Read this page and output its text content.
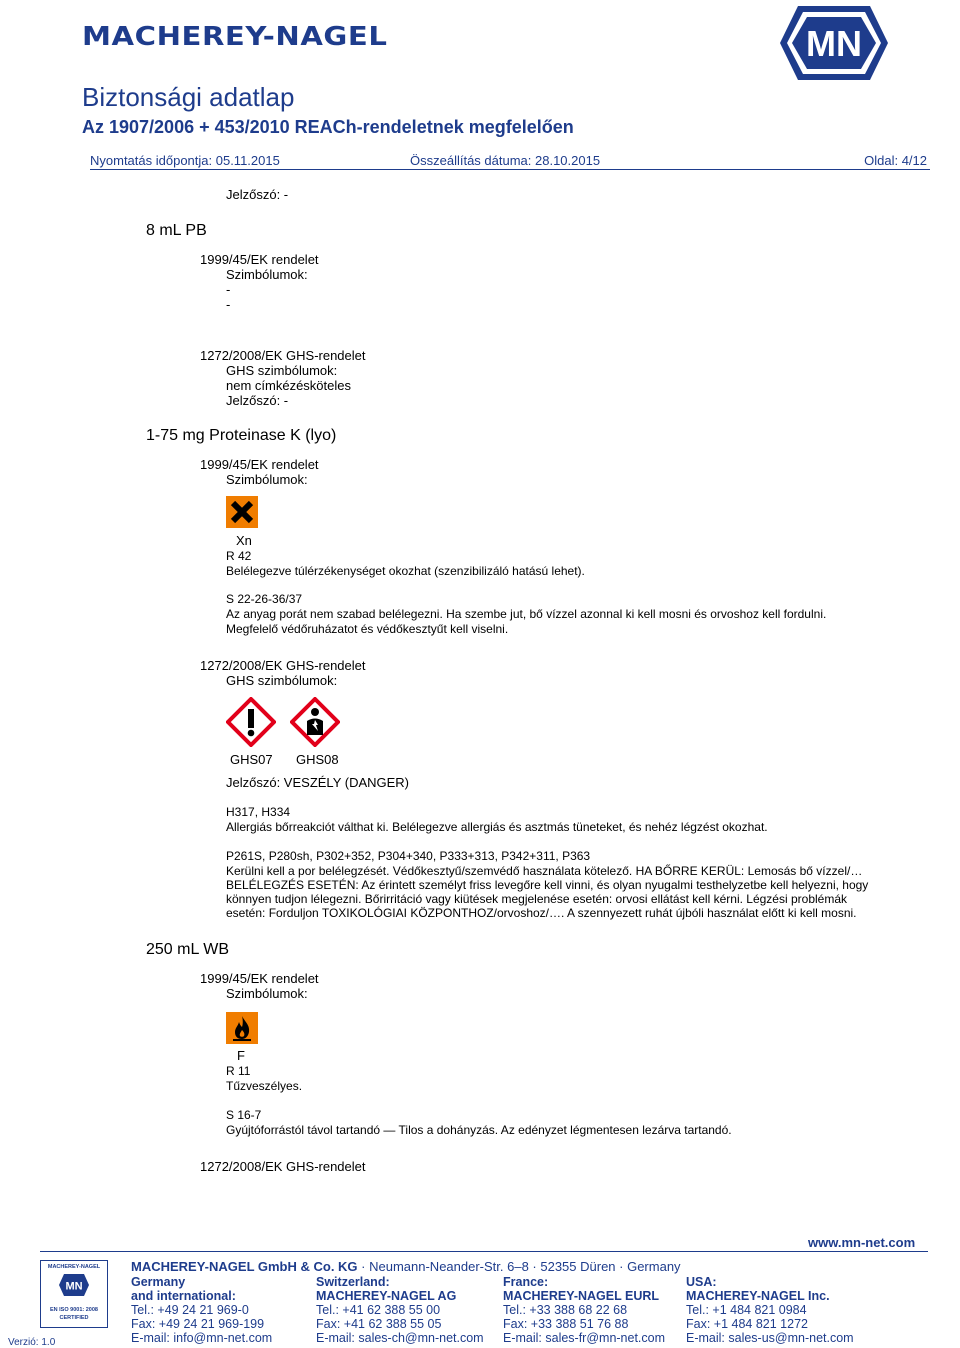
MACHEREY-NAGEL	MN
Biztonsági adatlap
Az 1907/2006 + 453/2010 REACh-rendeletnek megfelelően
Nyomtatás időpontja: 05.11.2015	Összeállítás dátuma: 28.10.2015	Oldal: 4/12
Jelzőszó: -
8 mL PB
1999/45/EK rendelet
Szimbólumok:
-
-
1272/2008/EK GHS-rendelet
GHS szimbólumok:
nem címkézésköteles
Jelzőszó: -
1-75 mg Proteinase K (lyo)
1999/45/EK rendelet
Szimbólumok:
Xn
R 42
Belélegezve túlérzékenységet okozhat (szenzibilizáló hatású lehet).
S 22-26-36/37
Az anyag porát nem szabad belélegezni. Ha szembe jut, bő vízzel azonnal ki kell mosni és orvoshoz kell fordulni.
Megfelelő védőruházatot és védőkesztyűt kell viselni.
1272/2008/EK GHS-rendelet
GHS szimbólumok:
GHS07 GHS08
Jelzőszó: VESZÉLY (DANGER)
H317, H334
Allergiás bőrreakciót válthat ki. Belélegezve allergiás és asztmás tüneteket, és nehéz légzést okozhat.
P261S, P280sh, P302+352, P304+340, P333+313, P342+311, P363
Kerülni kell a por belélegzését. Védőkesztyű/szemvédő használata kötelező. HA BŐRRE KERÜL: Lemosás bő vízzel/…
BELÉLEGZÉS ESETÉN: Az érintett személyt friss levegőre kell vinni, és olyan nyugalmi testhelyzetbe kell helyezni, hogy
könnyen tudjon lélegezni. Bőrirritáció vagy kiütések megjelenése esetén: orvosi ellátást kell kérni. Légzési problémák
esetén: Forduljon TOXIKOLÓGIAI KÖZPONTHOZ/orvoshoz/…. A szennyezett ruhát újbóli használat előtt ki kell mosni.
250 mL WB
1999/45/EK rendelet
Szimbólumok:
F
R 11
Tűzveszélyes.
S 16-7
Gyújtóforrástól távol tartandó — Tilos a dohányzás. Az edényzet légmentesen lezárva tartandó.
1272/2008/EK GHS-rendelet
www.mn-net.com
MACHEREY-NAGEL
MN
EN ISO 9001: 2008
CERTIFIED
Verzió: 1.0
MACHEREY-NAGEL GmbH & Co. KG · Neumann-Neander-Str. 6–8 · 52355 Düren · Germany
Germany
and international:
Tel.: +49 24 21 969-0
Fax: +49 24 21 969-199
E-mail: info@mn-net.com
Switzerland:
MACHEREY-NAGEL AG
Tel.: +41 62 388 55 00
Fax: +41 62 388 55 05
E-mail: sales-ch@mn-net.com
France:
MACHEREY-NAGEL EURL
Tel.: +33 388 68 22 68
Fax: +33 388 51 76 88
E-mail: sales-fr@mn-net.com
USA:
MACHEREY-NAGEL Inc.
Tel.: +1 484 821 0984
Fax: +1 484 821 1272
E-mail: sales-us@mn-net.com
